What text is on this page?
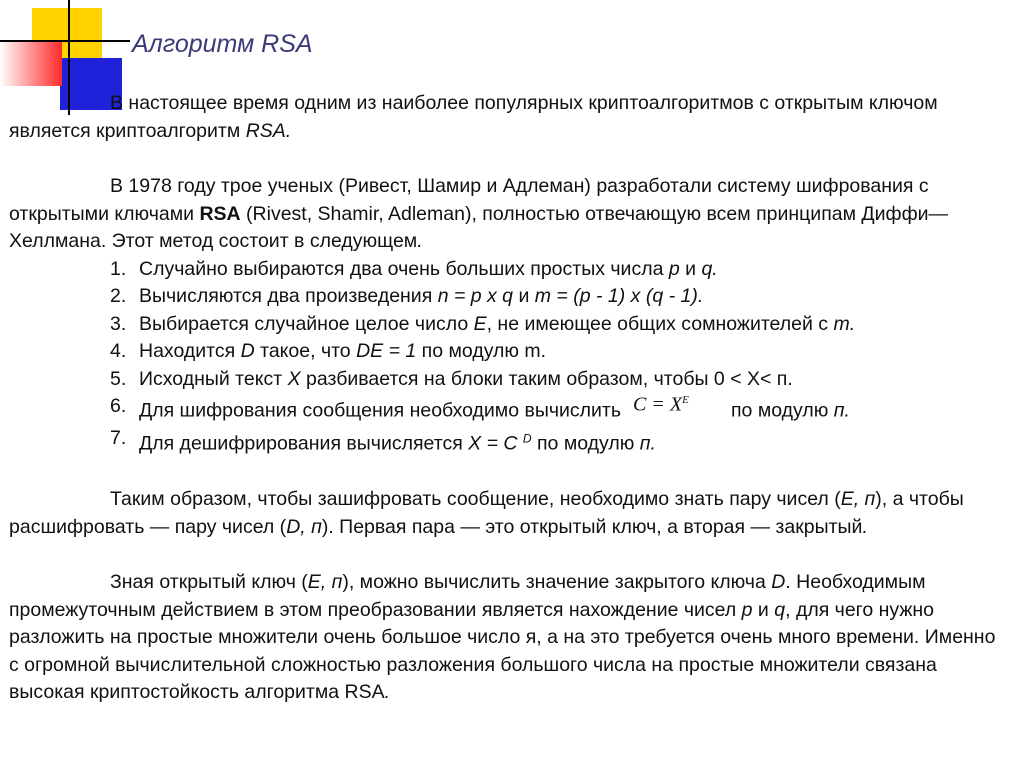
Алгоритм RSA

В настоящее время одним из наиболее популярных криптоалгоритмов с открытым ключом является криптоалгоритм RSA.

В 1978 году трое ученых (Ривест, Шамир и Адлеман) разработали систему шифрования с открытыми ключами RSA (Rivest, Shamir, Adleman), полностью отвечающую всем принципам Диффи—Хеллмана. Этот метод состоит в следующем.

1. Случайно выбираются два очень больших простых числа p и q.
2. Вычисляются два произведения n = p x q и m = (p - 1) x (q - 1).
3. Выбирается случайное целое число E, не имеющее общих сомножителей с m.
4. Находится D такое, что DE = 1 по модулю m.
5. Исходный текст X разбивается на блоки таким образом, чтобы 0 < X< п.
6. Для шифрования сообщения необходимо вычислить $C = X^E$ по модулю п.
7. Для дешифрирования вычисляется X = C $^D$ по модулю п.

Таким образом, чтобы зашифровать сообщение, необходимо знать пару чисел (E, п), а чтобы расшифровать — пару чисел (D, п). Первая пара — это открытый ключ, а вторая — закрытый.

Зная открытый ключ (E, п), можно вычислить значение закрытого ключа D. Необходимым промежуточным действием в этом преобразовании является нахождение чисел p и q, для чего нужно разложить на простые множители очень большое число я, а на это требуется очень много времени. Именно с огромной вычислительной сложностью разложения большого числа на простые множители связана высокая криптостойкость алгоритма RSA.
